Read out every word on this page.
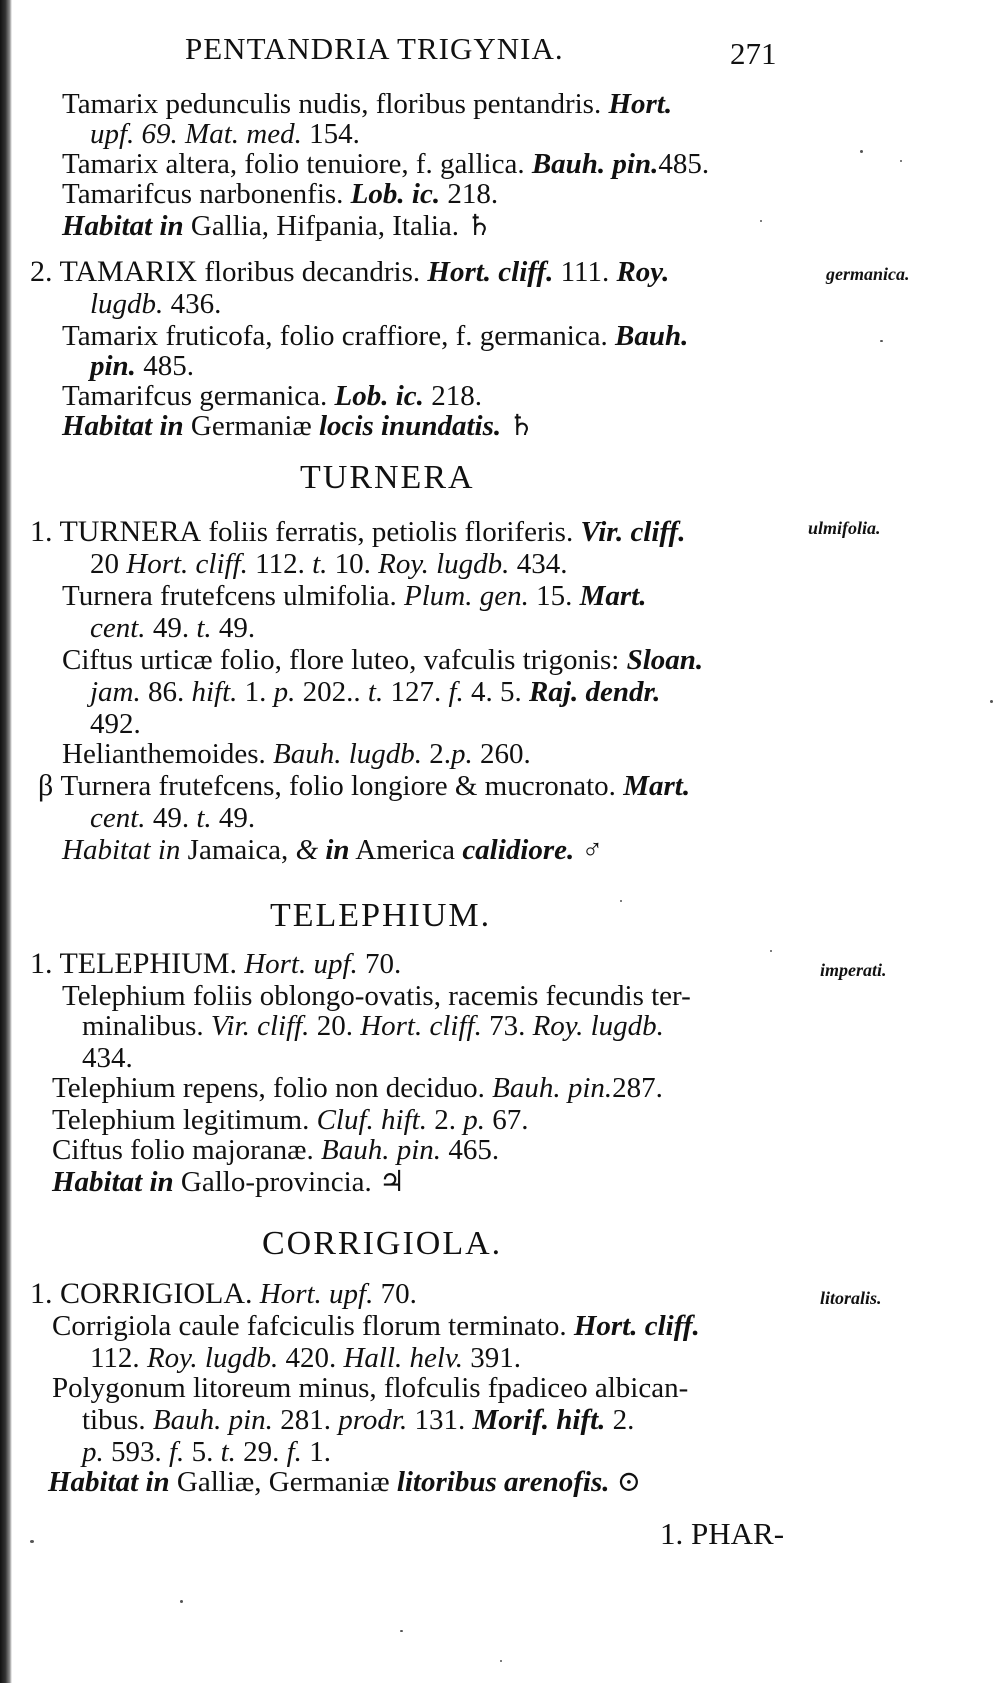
PENTANDRIA TRIGYNIA.	271
Tamarix pedunculis nudis, floribus pentandris. Hort.
upf. 69. Mat. med. 154.
Tamarix altera, folio tenuiore, f. gallica. Bauh. pin.485.
Tamarifcus narbonenfis. Lob. ic. 218.
Habitat in Gallia, Hifpania, Italia. ♄
2. TAMARIX floribus decandris. Hort. cliff. 111. Roy.	germanica.
lugdb. 436.
Tamarix fruticofa, folio craffiore, f. germanica. Bauh.
pin. 485.
Tamarifcus germanica. Lob. ic. 218.
Habitat in Germaniæ locis inundatis. ♄
TURNERA
1. TURNERA foliis ferratis, petiolis floriferis. Vir. cliff.	ulmifolia.
20 Hort. cliff. 112. t. 10. Roy. lugdb. 434.
Turnera frutefcens ulmifolia. Plum. gen. 15. Mart.
cent. 49. t. 49.
Ciftus urticæ folio, flore luteo, vafculis trigonis: Sloan.
jam. 86. hift. 1. p. 202.. t. 127. f. 4. 5. Raj. dendr.
492.
Helianthemoides. Bauh. lugdb. 2.p. 260.
β Turnera frutefcens, folio longiore & mucronato. Mart.
cent. 49. t. 49.
Habitat in Jamaica, & in America calidiore. ♂
TELEPHIUM.
1. TELEPHIUM. Hort. upf. 70.	imperati.
Telephium foliis oblongo-ovatis, racemis fecundis ter-
minalibus. Vir. cliff. 20. Hort. cliff. 73. Roy. lugdb.
434.
Telephium repens, folio non deciduo. Bauh. pin.287.
Telephium legitimum. Cluf. hift. 2. p. 67.
Ciftus folio majoranæ. Bauh. pin. 465.
Habitat in Gallo-provincia. ♃
CORRIGIOLA.
1. CORRIGIOLA. Hort. upf. 70.	litoralis.
Corrigiola caule fafciculis florum terminato. Hort. cliff.
112. Roy. lugdb. 420. Hall. helv. 391.
Polygonum litoreum minus, flofculis fpadiceo albican-
tibus. Bauh. pin. 281. prodr. 131. Morif. hift. 2.
p. 593. f. 5. t. 29. f. 1.
Habitat in Galliæ, Germaniæ litoribus arenofis. ⊙
1. PHAR-
